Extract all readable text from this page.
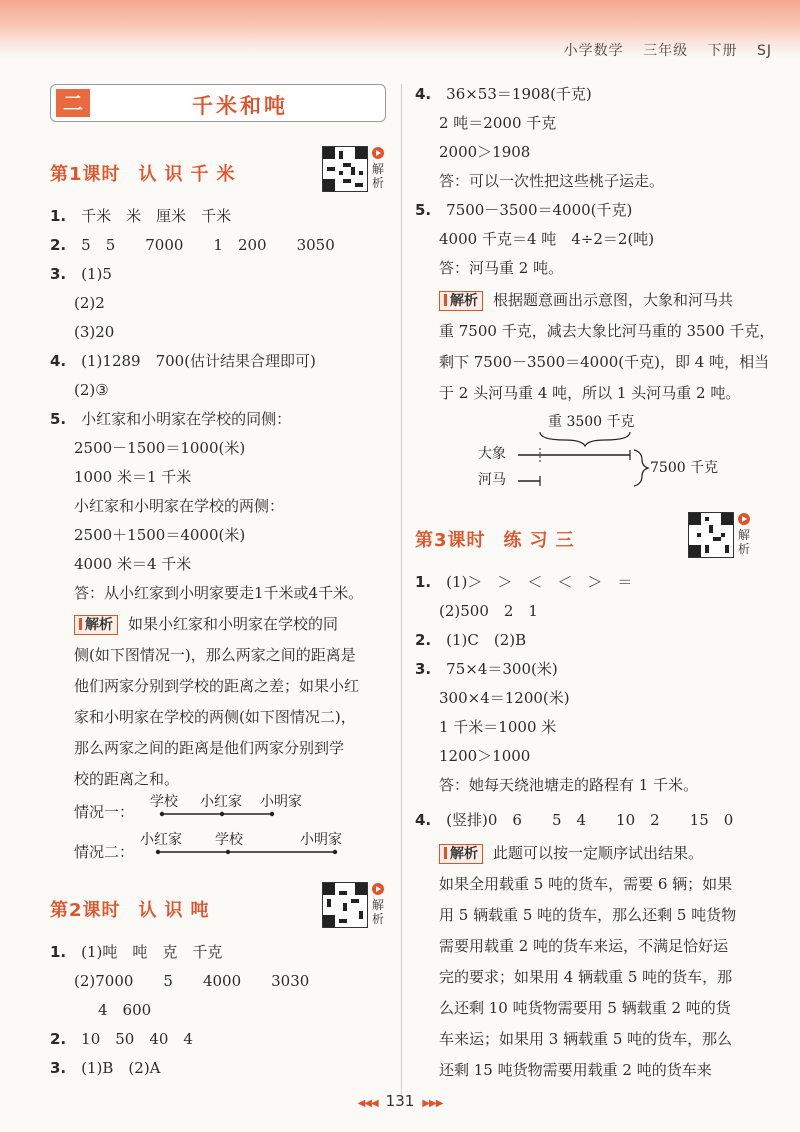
小学数学 三年级 下册 SJ
二	千米和吨
第1课时 认识千米	解析
1.　 千米　米　厘米　千米
2.　 5　5　　7000　　1　200　　3050
3.　 (1)5
(2)2
(3)20
4.　 (1)1289　700(估计结果合理即可)
(2)③
5.　 小红家和小明家在学校的同侧：
2500－1500＝1000(米)
1000 米＝1 千米
小红家和小明家在学校的两侧：
2500＋1500＝4000(米)
4000 米＝4 千米
答：从小红家到小明家要走1千米或4千米。
解析 如果小红家和小明家在学校的同
侧(如下图情况一)，那么两家之间的距离是
他们两家分别到学校的距离之差；如果小红
家和小明家在学校的两侧(如下图情况二)，
那么两家之间的距离是他们两家分别到学
校的距离之和。
情况一：
学校 小红家 小明家
情况二：
小红家 学校	小明家
第2课时 认识吨	解析
1.　 (1)吨　吨　克　千克
(2)7000　　5　　4000　　3030
4　600
2.　 10　50　40　4
3.　 (1)B　(2)A
4.　 36×53＝1908(千克)
2 吨＝2000 千克
2000＞1908
答：可以一次性把这些桃子运走。
5.　 7500－3500＝4000(千克)
4000 千克＝4 吨　4÷2＝2(吨)
答：河马重 2 吨。
解析 根据题意画出示意图，大象和河马共
重 7500 千克，减去大象比河马重的 3500 千克，
剩下 7500－3500＝4000(千克)，即 4 吨，相当
于 2 头河马重 4 吨，所以 1 头河马重 2 吨。
重 3500 千克
大象
河马
7500 千克
第3课时 练习三	解析
1.　 (1)＞　＞　＜　＜　＞　＝
(2)500　2　1
2.　 (1)C　(2)B
3.　 75×4＝300(米)
300×4＝1200(米)
1 千米＝1000 米
1200＞1000
答：她每天绕池塘走的路程有 1 千米。
4.　 (竖排)0　6　　5　4　　10　2　　15　0
解析 此题可以按一定顺序试出结果。
如果全用载重 5 吨的货车，需要 6 辆；如果
用 5 辆载重 5 吨的货车，那么还剩 5 吨货物
需要用载重 2 吨的货车来运，不满足恰好运
完的要求；如果用 4 辆载重 5 吨的货车，那
么还剩 10 吨货物需要用 5 辆载重 2 吨的货
车来运；如果用 3 辆载重 5 吨的货车，那么
还剩 15 吨货物需要用载重 2 吨的货车来
◀◀◀ 131 ▶▶▶
